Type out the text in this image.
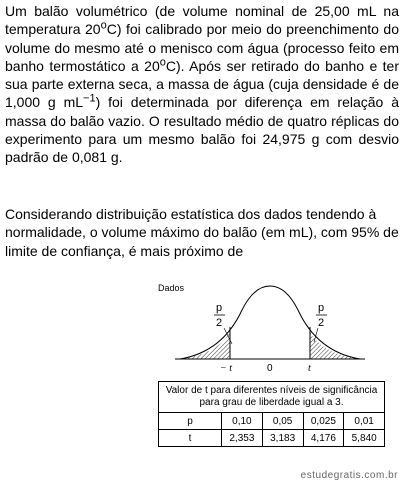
Um balão volumétrico (de volume nominal de 25,00 mL na temperatura 20$^o$C) foi calibrado por meio do preenchimento do volume do mesmo até o menisco com água (processo feito em banho termostático a 20$^o$C). Após ser retirado do banho e ter sua parte externa seca, a massa de água (cuja densidade é de 1,000 g $mL^{-1}$) foi determinada por diferença em relação à massa do balão vazio. O resultado médio de quatro réplicas do experimento para um mesmo balão foi 24,975 g com desvio padrão de 0,081 g.
Considerando distribuição estatística dos dados tendendo à normalidade, o volume máximo do balão (em mL), com 95% de limite de confiança, é mais próximo de
Dados
p
2
p
2
− t	0	t
Valor de t para diferentes níveis de significância para grau de liberdade igual a 3.				
p	0,10	0,05	0,025	0,01
t	2,353	3,183	4,176	5,840
estudegratis.com.br
